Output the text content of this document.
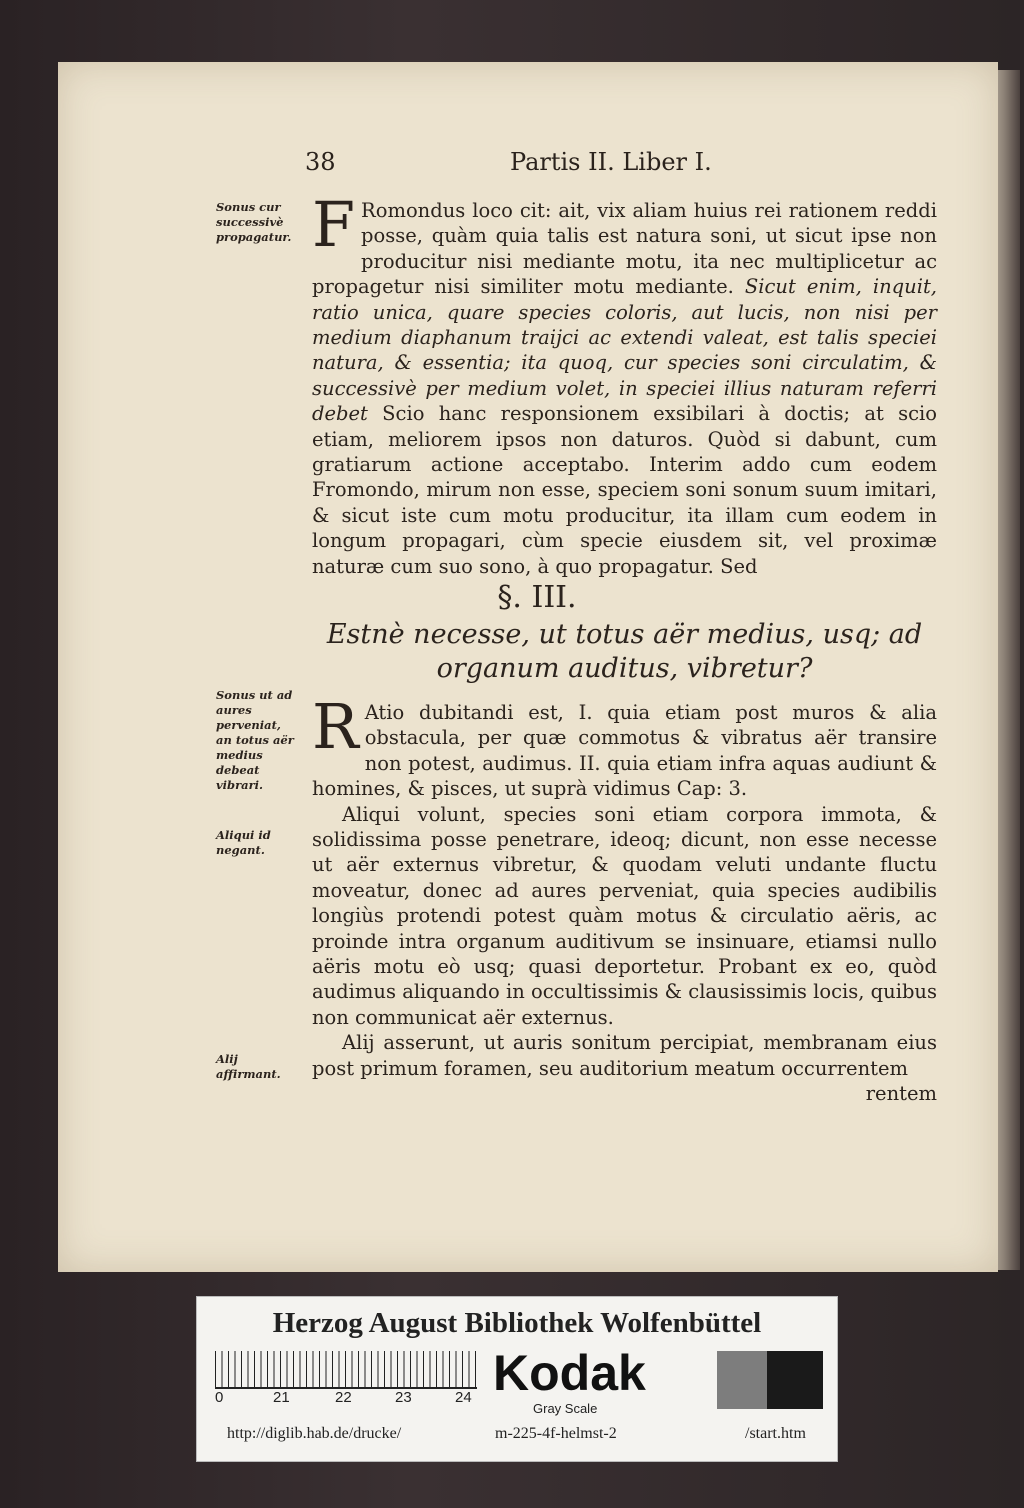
38	Partis II. Liber I.
Sonus cur successivè propagatur. F Romondus loco cit: ait, vix aliam huius rei rationem reddi posse, quàm quia talis est natura soni, ut sicut ipse non producitur nisi mediante motu, ita nec multiplicetur ac propagetur nisi similiter motu mediante. Sicut enim, inquit, ratio unica, quare species coloris, aut lucis, non nisi per medium diaphanum traijci ac extendi valeat, est talis speciei natura, & essentia; ita quoq, cur species soni circulatim, & successivè per medium volet, in speciei illius naturam referri debet Scio hanc responsionem exsibilari à doctis; at scio etiam, meliorem ipsos non daturos. Quòd si dabunt, cum gratiarum actione acceptabo. Interim addo cum eodem Fromondo, mirum non esse, speciem soni sonum suum imitari, & sicut iste cum motu producitur, ita illam cum eodem in longum propagari, cùm specie eiusdem sit, vel proximæ naturæ cum suo sono, à quo propagatur. Sed

§. III.
Estnè necesse, ut totus aër medius, usq; ad organum auditus, vibretur?
Sonus ut ad aures perveniat, an totus aër medius debeat vibrari.
Aliqui id negant.
Alij affirmant.

R Atio dubitandi est, I. quia etiam post muros & alia obstacula, per quæ commotus & vibratus aër transire non potest, audimus. II. quia etiam infra aquas audiunt & homines, & pisces, ut suprà vidimus Cap: 3.

Aliqui volunt, species soni etiam corpora immota, & solidissima posse penetrare, ideoq; dicunt, non esse necesse ut aër externus vibretur, & quodam veluti undante fluctu moveatur, donec ad aures perveniat, quia species audibilis longiùs protendi potest quàm motus & circulatio aëris, ac proinde intra organum auditivum se insinuare, etiamsi nullo aëris motu eò usq; quasi deportetur. Probant ex eo, quòd audimus aliquando in occultissimis & clausissimis locis, quibus non communicat aër externus.

Alij asserunt, ut auris sonitum percipiat, membranam eius post primum foramen, seu auditorium meatum occurrentem

rentem

Herzog August Bibliothek Wolfenbüttel
0	21	22	23	24 Kodak
Gray Scale
http://diglib.hab.de/drucke/	m-225-4f-helmst-2	/start.htm
